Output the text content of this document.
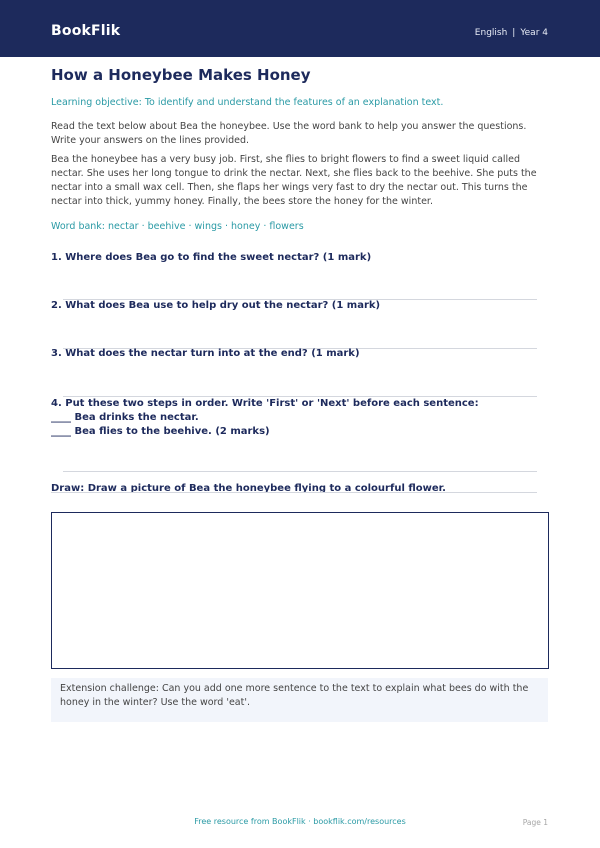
BookFlik	English | Year 4
How a Honeybee Makes Honey
Learning objective: To identify and understand the features of an explanation text.
Read the text below about Bea the honeybee. Use the word bank to help you answer the questions. Write your answers on the lines provided.
Bea the honeybee has a very busy job. First, she flies to bright flowers to find a sweet liquid called nectar. She uses her long tongue to drink the nectar. Next, she flies back to the beehive. She puts the nectar into a small wax cell. Then, she flaps her wings very fast to dry the nectar out. This turns the nectar into thick, yummy honey. Finally, the bees store the honey for the winter.
Word bank: nectar · beehive · wings · honey · flowers
1. Where does Bea go to find the sweet nectar? (1 mark)
2. What does Bea use to help dry out the nectar? (1 mark)
3. What does the nectar turn into at the end? (1 mark)
4. Put these two steps in order. Write 'First' or 'Next' before each sentence:
____ Bea drinks the nectar.
____ Bea flies to the beehive. (2 marks)
Draw: Draw a picture of Bea the honeybee flying to a colourful flower.
Extension challenge: Can you add one more sentence to the text to explain what bees do with the honey in the winter? Use the word 'eat'.
Free resource from BookFlik · bookflik.com/resources	Page 1
